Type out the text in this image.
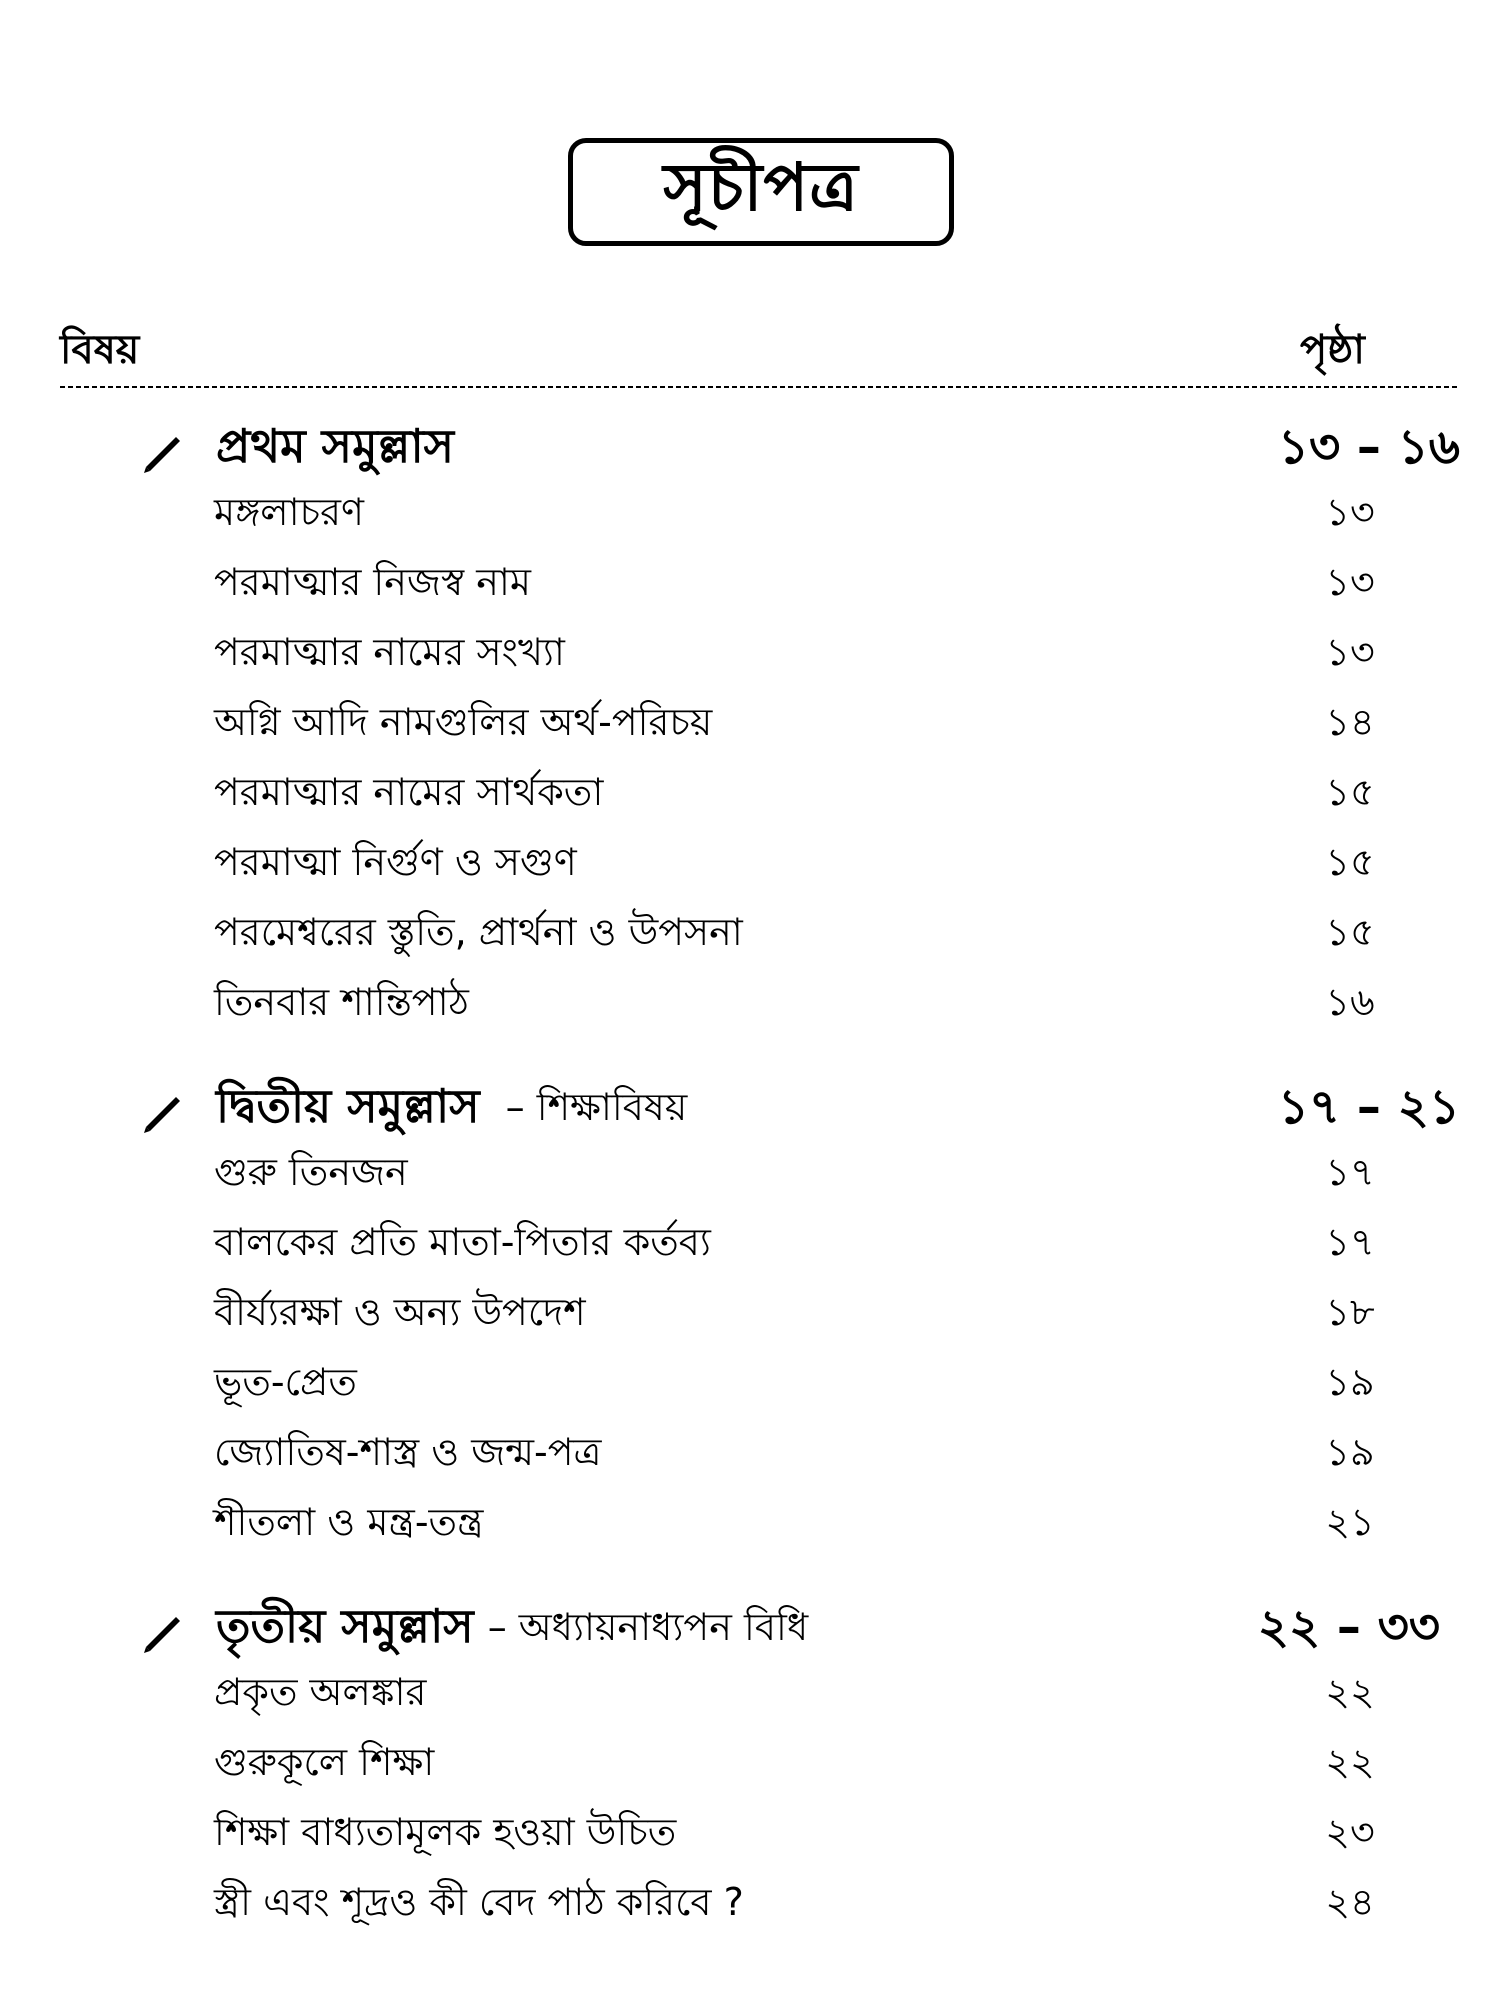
সূচীপত্র
বিষয়	পৃষ্ঠা
প্রথম সমুল্লাস	১৩ – ১৬
মঙ্গলাচরণ	১৩
পরমাত্মার নিজস্ব নাম	১৩
পরমাত্মার নামের সংখ্যা	১৩
অগ্নি আদি নামগুলির অর্থ-পরিচয়	১৪
পরমাত্মার নামের সার্থকতা	১৫
পরমাত্মা নির্গুণ ও সগুণ	১৫
পরমেশ্বরের স্তুতি, প্রার্থনা ও উপসনা	১৫
তিনবার শান্তিপাঠ	১৬
দ্বিতীয় সমুল্লাস – শিক্ষাবিষয়	১৭ – ২১
গুরু তিনজন	১৭
বালকের প্রতি মাতা-পিতার কর্তব্য	১৭
বীর্য্যরক্ষা ও অন্য উপদেশ	১৮
ভূত-প্রেত	১৯
জ্যোতিষ-শাস্ত্র ও জন্ম-পত্র	১৯
শীতলা ও মন্ত্র-তন্ত্র	২১
তৃতীয় সমুল্লাস – অধ্যায়নাধ্যপন বিধি	২২ – ৩৩
প্রকৃত অলঙ্কার	২২
গুরুকূলে শিক্ষা	২২
শিক্ষা বাধ্যতামূলক হওয়া উচিত	২৩
স্ত্রী এবং শূদ্রও কী বেদ পাঠ করিবে ?	২৪
